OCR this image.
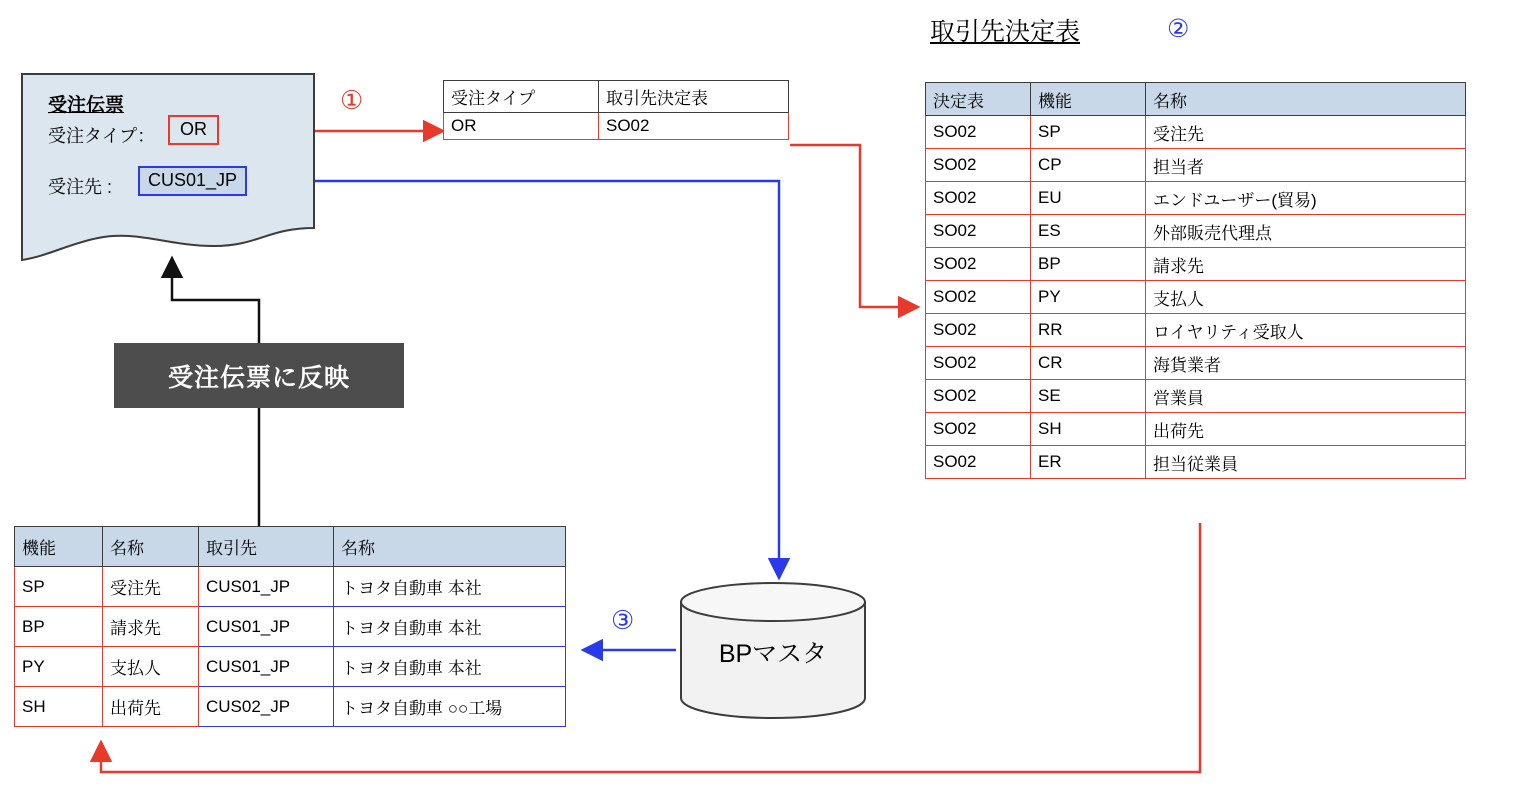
受注伝票
受注タイプ：	OR
受注先 :	CUS01_JP
①	受注タイプ	取引先決定表
OR	SO02
取引先決定表	②
決定表	機能	名称
SO02	SP	受注先
SO02	CP	担当者
SO02	EU	エンドユーザー(貿易)
SO02	ES	外部販売代理点
SO02	BP	請求先
SO02	PY	支払人
SO02	RR	ロイヤリティ受取人
SO02	CR	海貨業者
SO02	SE	営業員
SO02	SH	出荷先
SO02	ER	担当従業員
受注伝票に反映
機能	名称	取引先	名称
SP	受注先	CUS01_JP	トヨタ自動車 本社
BP	請求先	CUS01_JP	トヨタ自動車 本社
PY	支払人	CUS01_JP	トヨタ自動車 本社
SH	出荷先	CUS02_JP	トヨタ自動車 ○○工場
③
BPマスタ
